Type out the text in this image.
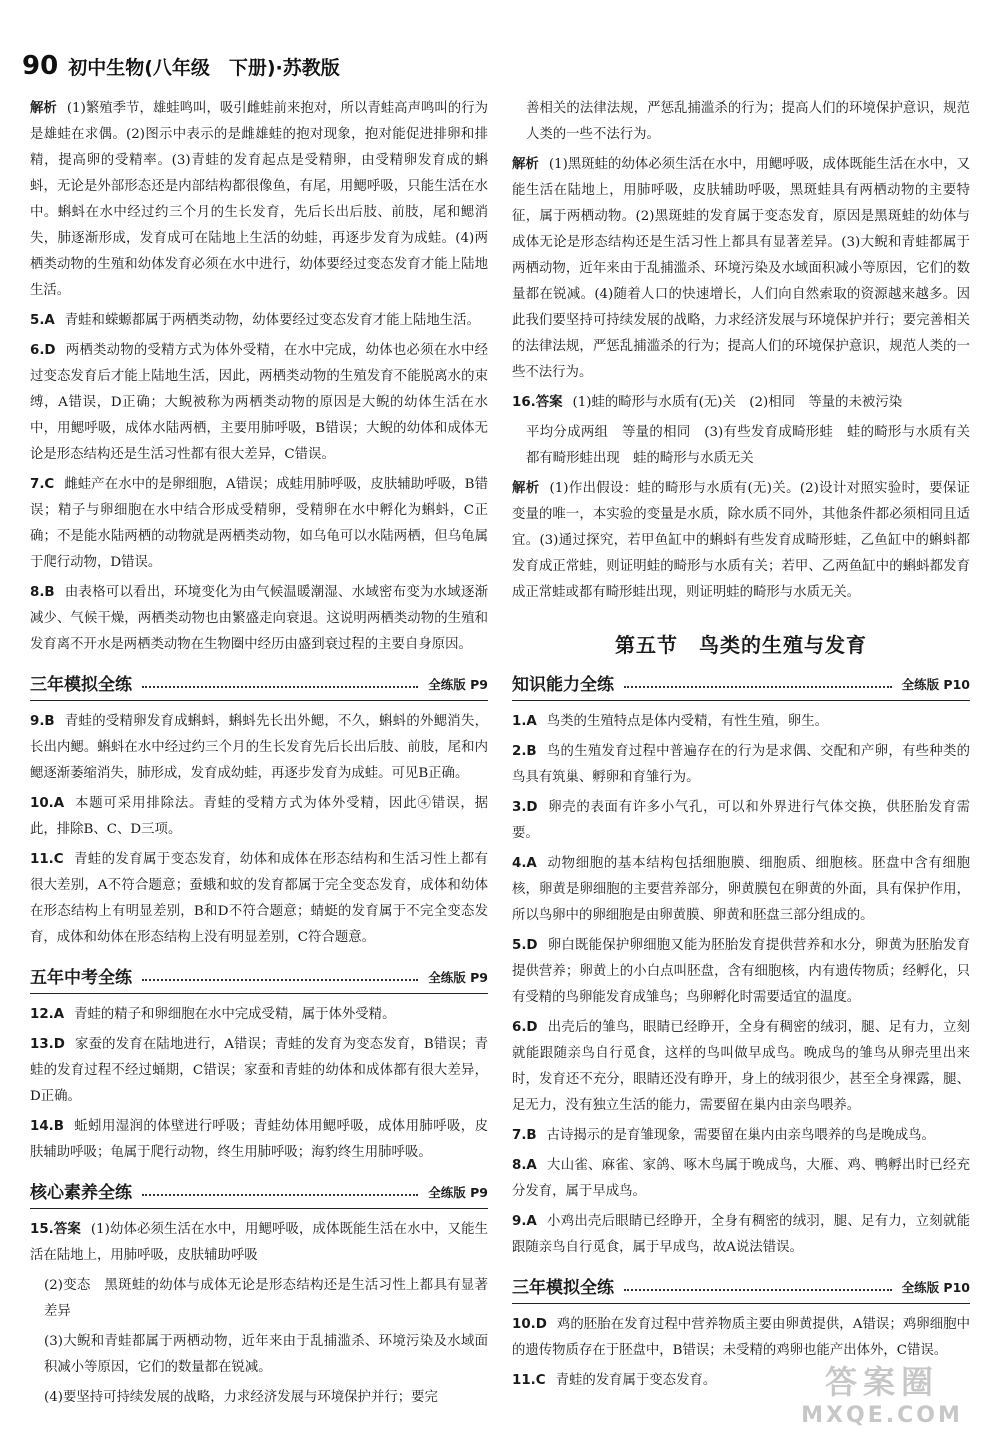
90 初中生物(八年级　下册)·苏教版

解析 (1)繁殖季节，雄蛙鸣叫，吸引雌蛙前来抱对，所以青蛙高声鸣叫的行为是雄蛙在求偶。(2)图示中表示的是雌雄蛙的抱对现象，抱对能促进排卵和排精，提高卵的受精率。(3)青蛙的发育起点是受精卵，由受精卵发育成的蝌蚪，无论是外部形态还是内部结构都很像鱼，有尾，用鳃呼吸，只能生活在水中。蝌蚪在水中经过约三个月的生长发育，先后长出后肢、前肢，尾和鳃消失，肺逐渐形成，发育成可在陆地上生活的幼蛙，再逐步发育为成蛙。(4)两栖类动物的生殖和幼体发育必须在水中进行，幼体要经过变态发育才能上陆地生活。

5.A 青蛙和蝾螈都属于两栖类动物，幼体要经过变态发育才能上陆地生活。

6.D 两栖类动物的受精方式为体外受精，在水中完成，幼体也必须在水中经过变态发育后才能上陆地生活，因此，两栖类动物的生殖发育不能脱离水的束缚，A错误，D正确；大鲵被称为两栖类动物的原因是大鲵的幼体生活在水中，用鳃呼吸，成体水陆两栖，主要用肺呼吸，B错误；大鲵的幼体和成体无论是形态结构还是生活习性都有很大差异，C错误。

7.C 雌蛙产在水中的是卵细胞，A错误；成蛙用肺呼吸，皮肤辅助呼吸，B错误；精子与卵细胞在水中结合形成受精卵，受精卵在水中孵化为蝌蚪，C正确；不是能水陆两栖的动物就是两栖类动物，如乌龟可以水陆两栖，但乌龟属于爬行动物，D错误。

8.B 由表格可以看出，环境变化为由气候温暖潮湿、水域密布变为水域逐渐减少、气候干燥，两栖类动物也由繁盛走向衰退。这说明两栖类动物的生殖和发育离不开水是两栖类动物在生物圈中经历由盛到衰过程的主要自身原因。

三年模拟全练	全练版 P9

9.B 青蛙的受精卵发育成蝌蚪，蝌蚪先长出外鳃，不久，蝌蚪的外鳃消失，长出内鳃。蝌蚪在水中经过约三个月的生长发育先后长出后肢、前肢，尾和内鳃逐渐萎缩消失，肺形成，发育成幼蛙，再逐步发育为成蛙。可见B正确。

10.A 本题可采用排除法。青蛙的受精方式为体外受精，因此④错误，据此，排除B、C、D三项。

11.C 青蛙的发育属于变态发育，幼体和成体在形态结构和生活习性上都有很大差别，A不符合题意；蚕蛾和蚊的发育都属于完全变态发育，成体和幼体在形态结构上有明显差别，B和D不符合题意；蜻蜓的发育属于不完全变态发育，成体和幼体在形态结构上没有明显差别，C符合题意。

五年中考全练	全练版 P9

12.A 青蛙的精子和卵细胞在水中完成受精，属于体外受精。

13.D 家蚕的发育在陆地进行，A错误；青蛙的发育为变态发育，B错误；青蛙的发育过程不经过蛹期，C错误；家蚕和青蛙的幼体和成体都有很大差异，D正确。

14.B 蚯蚓用湿润的体壁进行呼吸；青蛙幼体用鳃呼吸，成体用肺呼吸，皮肤辅助呼吸；龟属于爬行动物，终生用肺呼吸；海豹终生用肺呼吸。

核心素养全练	全练版 P9

15.答案 (1)幼体必须生活在水中，用鳃呼吸，成体既能生活在水中，又能生活在陆地上，用肺呼吸，皮肤辅助呼吸

(2)变态　黑斑蛙的幼体与成体无论是形态结构还是生活习性上都具有显著差异

(3)大鲵和青蛙都属于两栖动物，近年来由于乱捕滥杀、环境污染及水域面积减小等原因，它们的数量都在锐减。

(4)要坚持可持续发展的战略，力求经济发展与环境保护并行；要完

善相关的法律法规，严惩乱捕滥杀的行为；提高人们的环境保护意识，规范人类的一些不法行为。

解析 (1)黑斑蛙的幼体必须生活在水中，用鳃呼吸，成体既能生活在水中，又能生活在陆地上，用肺呼吸，皮肤辅助呼吸，黑斑蛙具有两栖动物的主要特征，属于两栖动物。(2)黑斑蛙的发育属于变态发育，原因是黑斑蛙的幼体与成体无论是形态结构还是生活习性上都具有显著差异。(3)大鲵和青蛙都属于两栖动物，近年来由于乱捕滥杀、环境污染及水域面积减小等原因，它们的数量都在锐减。(4)随着人口的快速增长，人们向自然索取的资源越来越多。因此我们要坚持可持续发展的战略，力求经济发展与环境保护并行；要完善相关的法律法规，严惩乱捕滥杀的行为；提高人们的环境保护意识，规范人类的一些不法行为。

16.答案 (1)蛙的畸形与水质有(无)关　(2)相同　等量的未被污染

平均分成两组　等量的相同　(3)有些发育成畸形蛙　蛙的畸形与水质有关　都有畸形蛙出现　蛙的畸形与水质无关

解析 (1)作出假设：蛙的畸形与水质有(无)关。(2)设计对照实验时，要保证变量的唯一，本实验的变量是水质，除水质不同外，其他条件都必须相同且适宜。(3)通过探究，若甲鱼缸中的蝌蚪有些发育成畸形蛙，乙鱼缸中的蝌蚪都发育成正常蛙，则证明蛙的畸形与水质有关；若甲、乙两鱼缸中的蝌蚪都发育成正常蛙或都有畸形蛙出现，则证明蛙的畸形与水质无关。

第五节　鸟类的生殖与发育
知识能力全练	全练版 P10

1.A 鸟类的生殖特点是体内受精，有性生殖，卵生。

2.B 鸟的生殖发育过程中普遍存在的行为是求偶、交配和产卵，有些种类的鸟具有筑巢、孵卵和育雏行为。

3.D 卵壳的表面有许多小气孔，可以和外界进行气体交换，供胚胎发育需要。

4.A 动物细胞的基本结构包括细胞膜、细胞质、细胞核。胚盘中含有细胞核，卵黄是卵细胞的主要营养部分，卵黄膜包在卵黄的外面，具有保护作用，所以鸟卵中的卵细胞是由卵黄膜、卵黄和胚盘三部分组成的。

5.D 卵白既能保护卵细胞又能为胚胎发育提供营养和水分，卵黄为胚胎发育提供营养；卵黄上的小白点叫胚盘，含有细胞核，内有遗传物质；经孵化，只有受精的鸟卵能发育成雏鸟；鸟卵孵化时需要适宜的温度。

6.D 出壳后的雏鸟，眼睛已经睁开，全身有稠密的绒羽，腿、足有力，立刻就能跟随亲鸟自行觅食，这样的鸟叫做早成鸟。晚成鸟的雏鸟从卵壳里出来时，发育还不充分，眼睛还没有睁开，身上的绒羽很少，甚至全身裸露，腿、足无力，没有独立生活的能力，需要留在巢内由亲鸟喂养。

7.B 古诗揭示的是育雏现象，需要留在巢内由亲鸟喂养的鸟是晚成鸟。

8.A 大山雀、麻雀、家鸽、啄木鸟属于晚成鸟，大雁、鸡、鸭孵出时已经充分发育，属于早成鸟。

9.A 小鸡出壳后眼睛已经睁开，全身有稠密的绒羽，腿、足有力，立刻就能跟随亲鸟自行觅食，属于早成鸟，故A说法错误。

三年模拟全练	全练版 P10

10.D 鸡的胚胎在发育过程中营养物质主要由卵黄提供，A错误；鸡卵细胞中的遗传物质存在于胚盘中，B错误；未受精的鸡卵也能产出体外，C错误。

11.C 青蛙的发育属于变态发育。	答案圈
MXQE.COM
